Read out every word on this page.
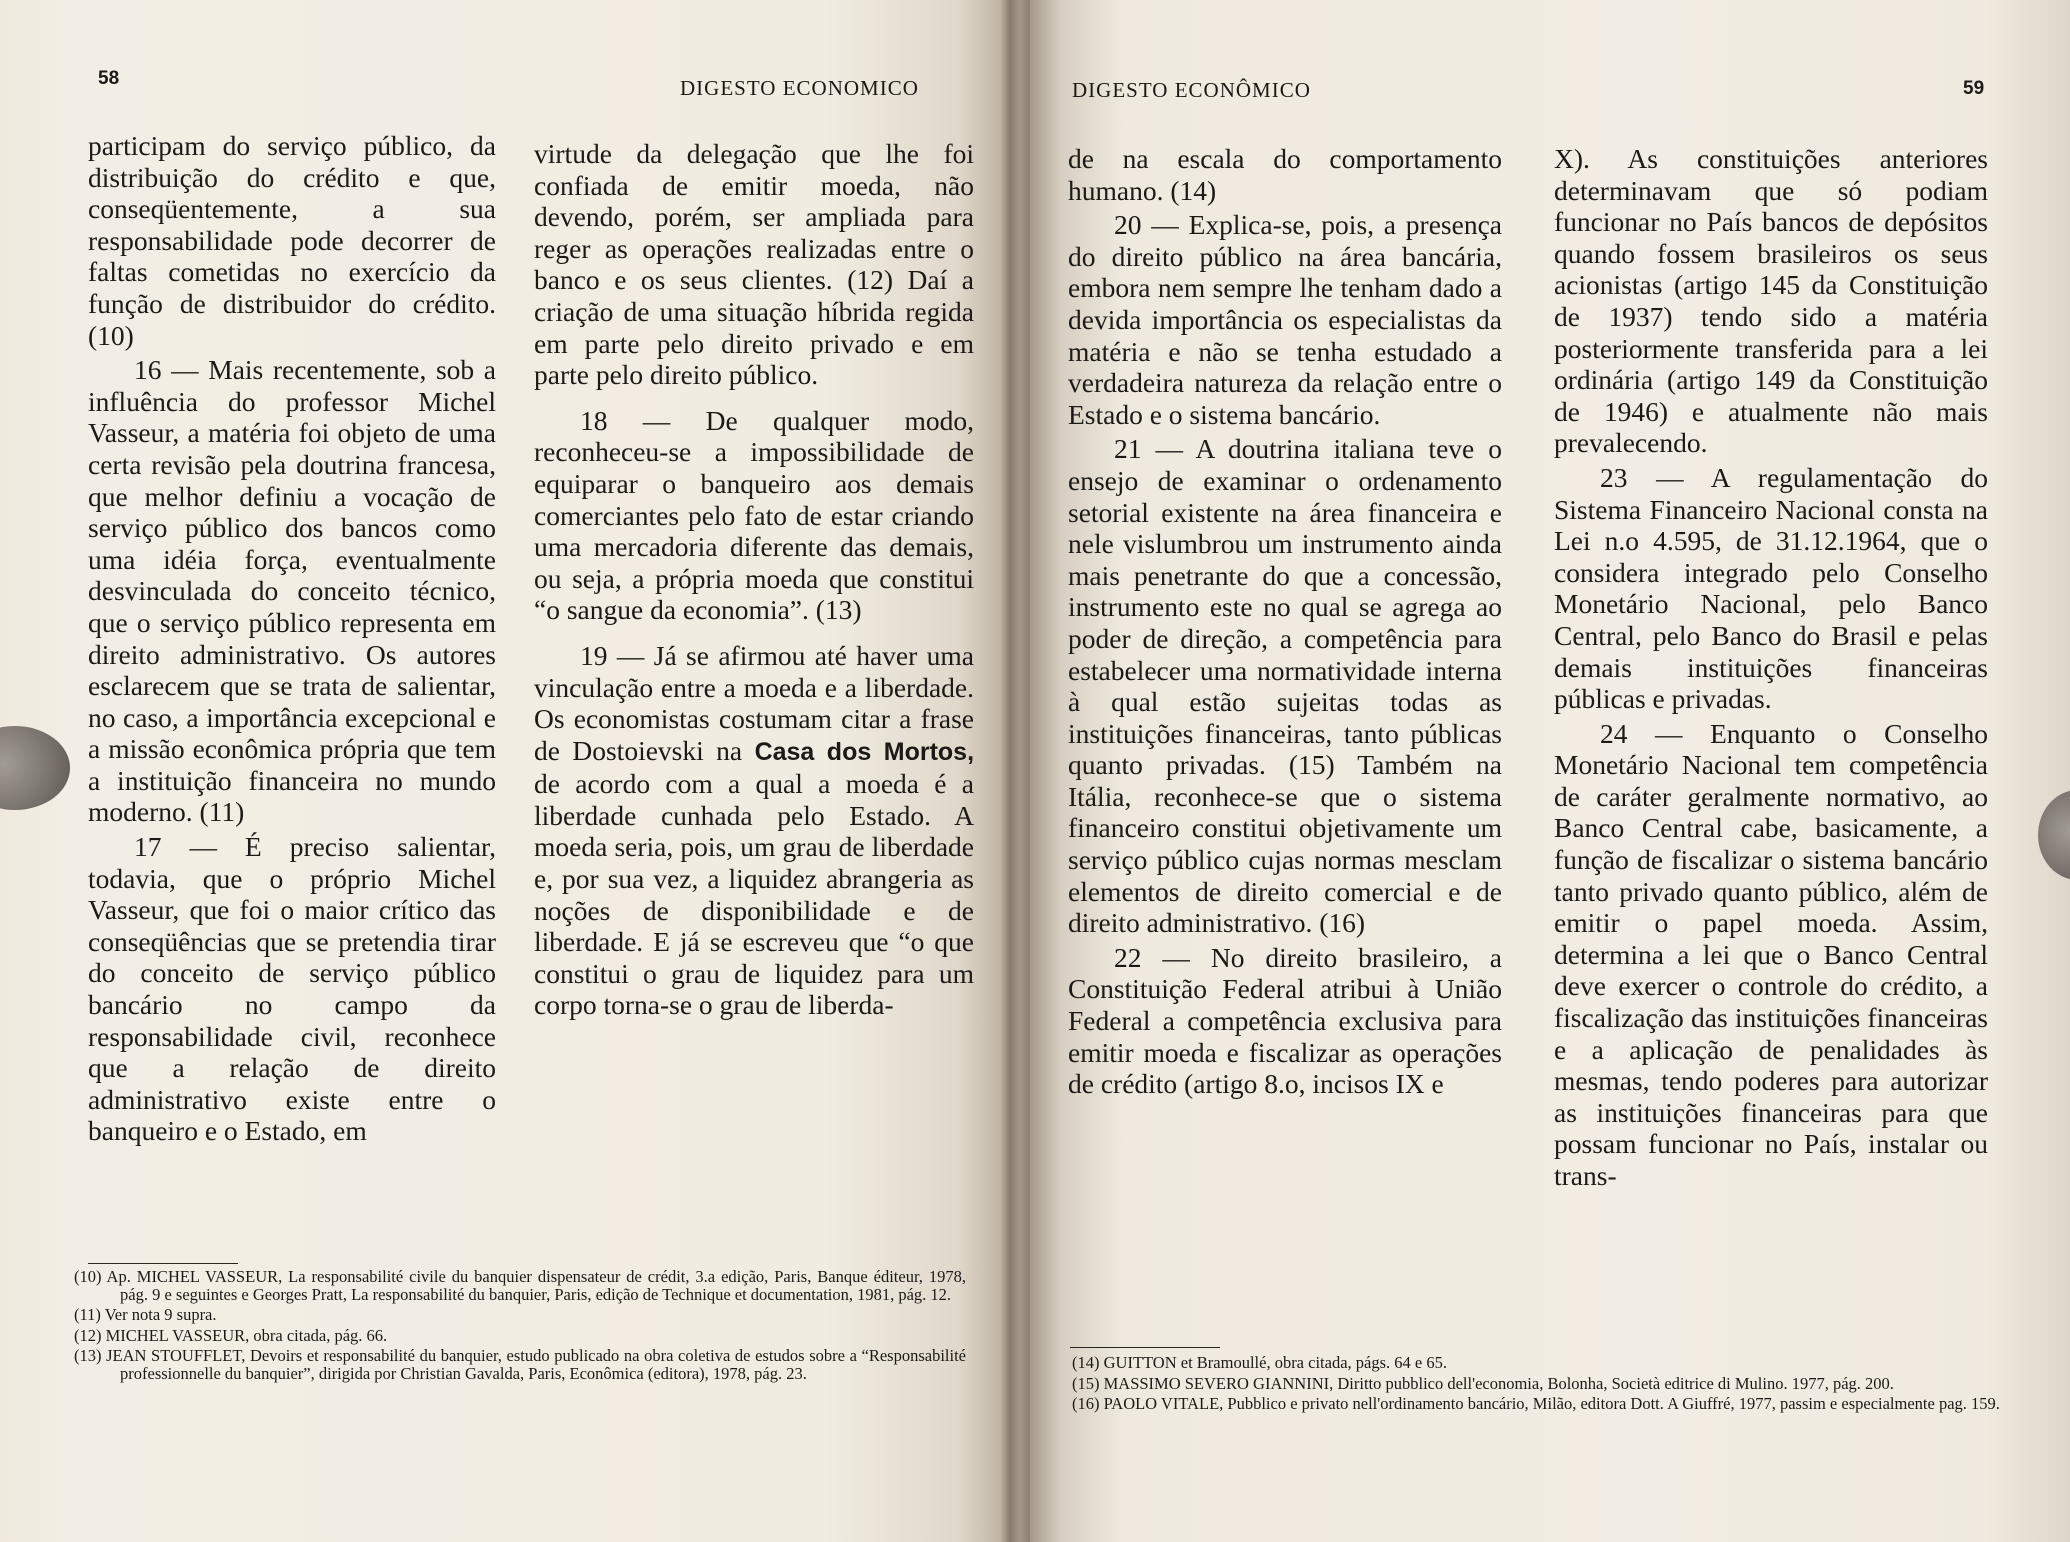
58	DIGESTO ECONOMICO

participam do serviço público, da distribuição do crédito e que, conseqüentemente, a sua responsabilidade pode decorrer de faltas cometidas no exercício da função de distribuidor do crédito. (10)

16 — Mais recentemente, sob a influência do professor Michel Vasseur, a matéria foi objeto de uma certa revisão pela doutrina francesa, que melhor definiu a vocação de serviço público dos bancos como uma idéia força, eventualmente desvinculada do conceito técnico, que o serviço público representa em direito administrativo. Os autores esclarecem que se trata de salientar, no caso, a importância excepcional e a missão econômica própria que tem a instituição financeira no mundo moderno. (11)

17 — É preciso salientar, todavia, que o próprio Michel Vasseur, que foi o maior crítico das conseqüências que se pretendia tirar do conceito de serviço público bancário no campo da responsabilidade civil, reconhece que a relação de direito administrativo existe entre o banqueiro e o Estado, em

virtude da delegação que lhe foi confiada de emitir moeda, não devendo, porém, ser ampliada para reger as operações realizadas entre o banco e os seus clientes. (12) Daí a criação de uma situação híbrida regida em parte pelo direito privado e em parte pelo direito público.

18 — De qualquer modo, reconheceu-se a impossibilidade de equiparar o banqueiro aos demais comerciantes pelo fato de estar criando uma mercadoria diferente das demais, ou seja, a própria moeda que constitui “o sangue da economia”. (13)

19 — Já se afirmou até haver uma vinculação entre a moeda e a liberdade. Os economistas costumam citar a frase de Dostoievski na Casa dos Mortos, de acordo com a qual a moeda é a liberdade cunhada pelo Estado. A moeda seria, pois, um grau de liberdade e, por sua vez, a liquidez abrangeria as noções de disponibilidade e de liberdade. E já se escreveu que “o que constitui o grau de liquidez para um corpo torna-se o grau de liberda-

(10) Ap. MICHEL VASSEUR, La responsabilité civile du banquier dispensateur de crédit, 3.a edição, Paris, Banque éditeur, 1978, pág. 9 e seguintes e Georges Pratt, La responsabilité du banquier, Paris, edição de Technique et documentation, 1981, pág. 12.

(11) Ver nota 9 supra.

(12) MICHEL VASSEUR, obra citada, pág. 66.

(13) JEAN STOUFFLET, Devoirs et responsabilité du banquier, estudo publicado na obra coletiva de estudos sobre a “Responsabilité professionnelle du banquier”, dirigida por Christian Gavalda, Paris, Econômica (editora), 1978, pág. 23.

DIGESTO ECONÔMICO	59

de na escala do comportamento humano. (14)

20 — Explica-se, pois, a presença do direito público na área bancária, embora nem sempre lhe tenham dado a devida importância os especialistas da matéria e não se tenha estudado a verdadeira natureza da relação entre o Estado e o sistema bancário.

21 — A doutrina italiana teve o ensejo de examinar o ordenamento setorial existente na área financeira e nele vislumbrou um instrumento ainda mais penetrante do que a concessão, instrumento este no qual se agrega ao poder de direção, a competência para estabelecer uma normatividade interna à qual estão sujeitas todas as instituições financeiras, tanto públicas quanto privadas. (15) Também na Itália, reconhece-se que o sistema financeiro constitui objetivamente um serviço público cujas normas mesclam elementos de direito comercial e de direito administrativo. (16)

22 — No direito brasileiro, a Constituição Federal atribui à União Federal a competência exclusiva para emitir moeda e fiscalizar as operações de crédito (artigo 8.o, incisos IX e

X). As constituições anteriores determinavam que só podiam funcionar no País bancos de depósitos quando fossem brasileiros os seus acionistas (artigo 145 da Constituição de 1937) tendo sido a matéria posteriormente transferida para a lei ordinária (artigo 149 da Constituição de 1946) e atualmente não mais prevalecendo.

23 — A regulamentação do Sistema Financeiro Nacional consta na Lei n.o 4.595, de 31.12.1964, que o considera integrado pelo Conselho Monetário Nacional, pelo Banco Central, pelo Banco do Brasil e pelas demais instituições financeiras públicas e privadas.

24 — Enquanto o Conselho Monetário Nacional tem competência de caráter geralmente normativo, ao Banco Central cabe, basicamente, a função de fiscalizar o sistema bancário tanto privado quanto público, além de emitir o papel moeda. Assim, determina a lei que o Banco Central deve exercer o controle do crédito, a fiscalização das instituições financeiras e a aplicação de penalidades às mesmas, tendo poderes para autorizar as instituições financeiras para que possam funcionar no País, instalar ou trans-

(14) GUITTON et Bramoullé, obra citada, págs. 64 e 65.

(15) MASSIMO SEVERO GIANNINI, Diritto pubblico dell'economia, Bolonha, Società editrice di Mulino. 1977, pág. 200.

(16) PAOLO VITALE, Pubblico e privato nell'ordinamento bancário, Milão, editora Dott. A Giuffré, 1977, passim e especialmente pag. 159.
